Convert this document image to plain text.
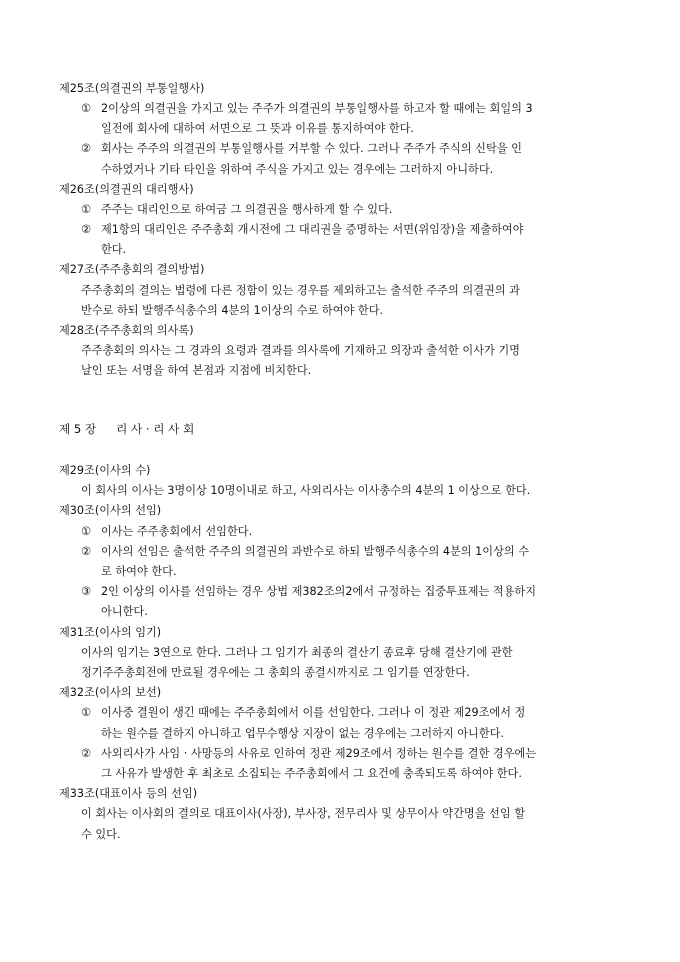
제25조(의결권의 부통일행사)
① 2이상의 의결권을 가지고 있는 주주가 의결권의 부통일행사를 하고자 할 때에는 회일의 3
일전에 회사에 대하여 서면으로 그 뜻과 이유를 통지하여야 한다.
② 회사는 주주의 의결권의 부통일행사를 거부할 수 있다. 그러나 주주가 주식의 신탁을 인
수하였거나 기타 타인을 위하여 주식을 가지고 있는 경우에는 그러하지 아니하다.
제26조(의결권의 대리행사)
① 주주는 대리인으로 하여금 그 의결권을 행사하게 할 수 있다.
② 제1항의 대리인은 주주총회 개시전에 그 대리권을 증명하는 서면(위임장)을 제출하여야
한다.
제27조(주주총회의 결의방법)
주주총회의 결의는 법령에 다른 정함이 있는 경우를 제외하고는 출석한 주주의 의결권의 과
반수로 하되 발행주식총수의 4분의 1이상의 수로 하여야 한다.
제28조(주주총회의 의사록)
주주총회의 의사는 그 경과의 요령과 결과를 의사록에 기재하고 의장과 출석한 이사가 기명
날인 또는 서명을 하여 본점과 지점에 비치한다.
제 5 장 리 사 · 리 사 회
제29조(이사의 수)
이 회사의 이사는 3명이상 10명이내로 하고, 사외리사는 이사총수의 4분의 1 이상으로 한다.
제30조(이사의 선임)
① 이사는 주주총회에서 선임한다.
② 이사의 선임은 출석한 주주의 의결권의 과반수로 하되 발행주식총수의 4분의 1이상의 수
로 하여야 한다.
③ 2인 이상의 이사를 선임하는 경우 상법 제382조의2에서 규정하는 집중투표제는 적용하지
아니한다.
제31조(이사의 임기)
이사의 임기는 3연으로 한다. 그러나 그 임기가 최종의 결산기 종료후 당해 결산기에 관한
정기주주총회전에 만료될 경우에는 그 총회의 종결시까지로 그 임기를 연장한다.
제32조(이사의 보선)
① 이사중 결원이 생긴 때에는 주주총회에서 이를 선임한다. 그러나 이 정관 제29조에서 정
하는 원수를 결하지 아니하고 업무수행상 지장이 없는 경우에는 그러하지 아니한다.
② 사외리사가 사임 · 사망등의 사유로 인하여 정관 제29조에서 정하는 원수를 결한 경우에는
그 사유가 발생한 후 최초로 소집되는 주주총회에서 그 요건에 충족되도록 하여야 한다.
제33조(대표이사 등의 선임)
이 회사는 이사회의 결의로 대표이사(사장), 부사장, 전무리사 및 상무이사 약간명을 선임 할
수 있다.
